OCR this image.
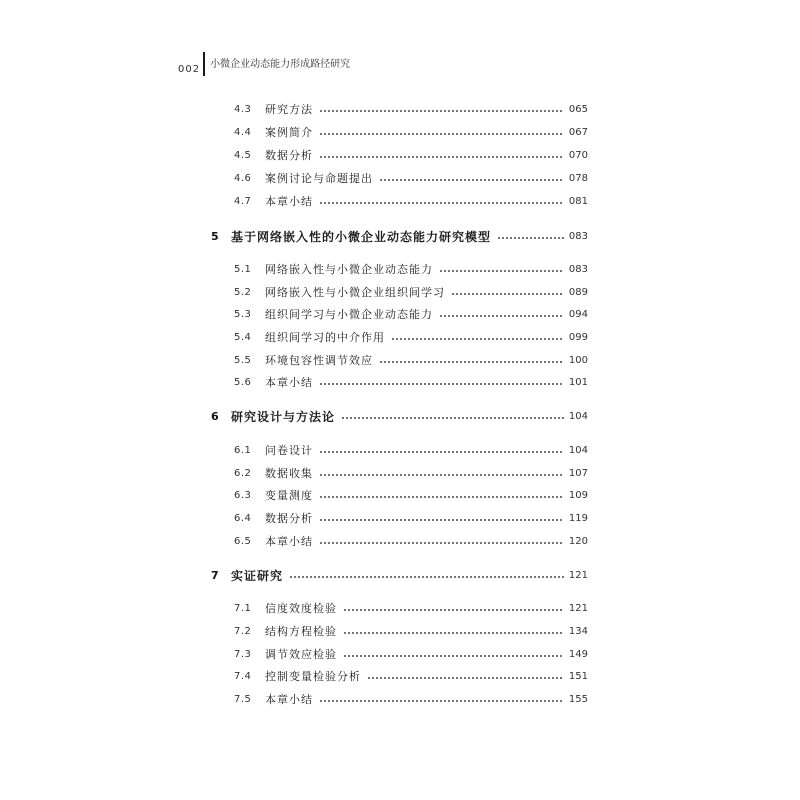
002	小微企业动态能力形成路径研究
4.3	研究方法	065
4.4	案例简介	067
4.5	数据分析	070
4.6	案例讨论与命题提出	078
4.7	本章小结	081
5	基于网络嵌入性的小微企业动态能力研究模型	083
5.1	网络嵌入性与小微企业动态能力	083
5.2	网络嵌入性与小微企业组织间学习	089
5.3	组织间学习与小微企业动态能力	094
5.4	组织间学习的中介作用	099
5.5	环境包容性调节效应	100
5.6	本章小结	101
6	研究设计与方法论	104
6.1	问卷设计	104
6.2	数据收集	107
6.3	变量测度	109
6.4	数据分析	119
6.5	本章小结	120
7	实证研究	121
7.1	信度效度检验	121
7.2	结构方程检验	134
7.3	调节效应检验	149
7.4	控制变量检验分析	151
7.5	本章小结	155
